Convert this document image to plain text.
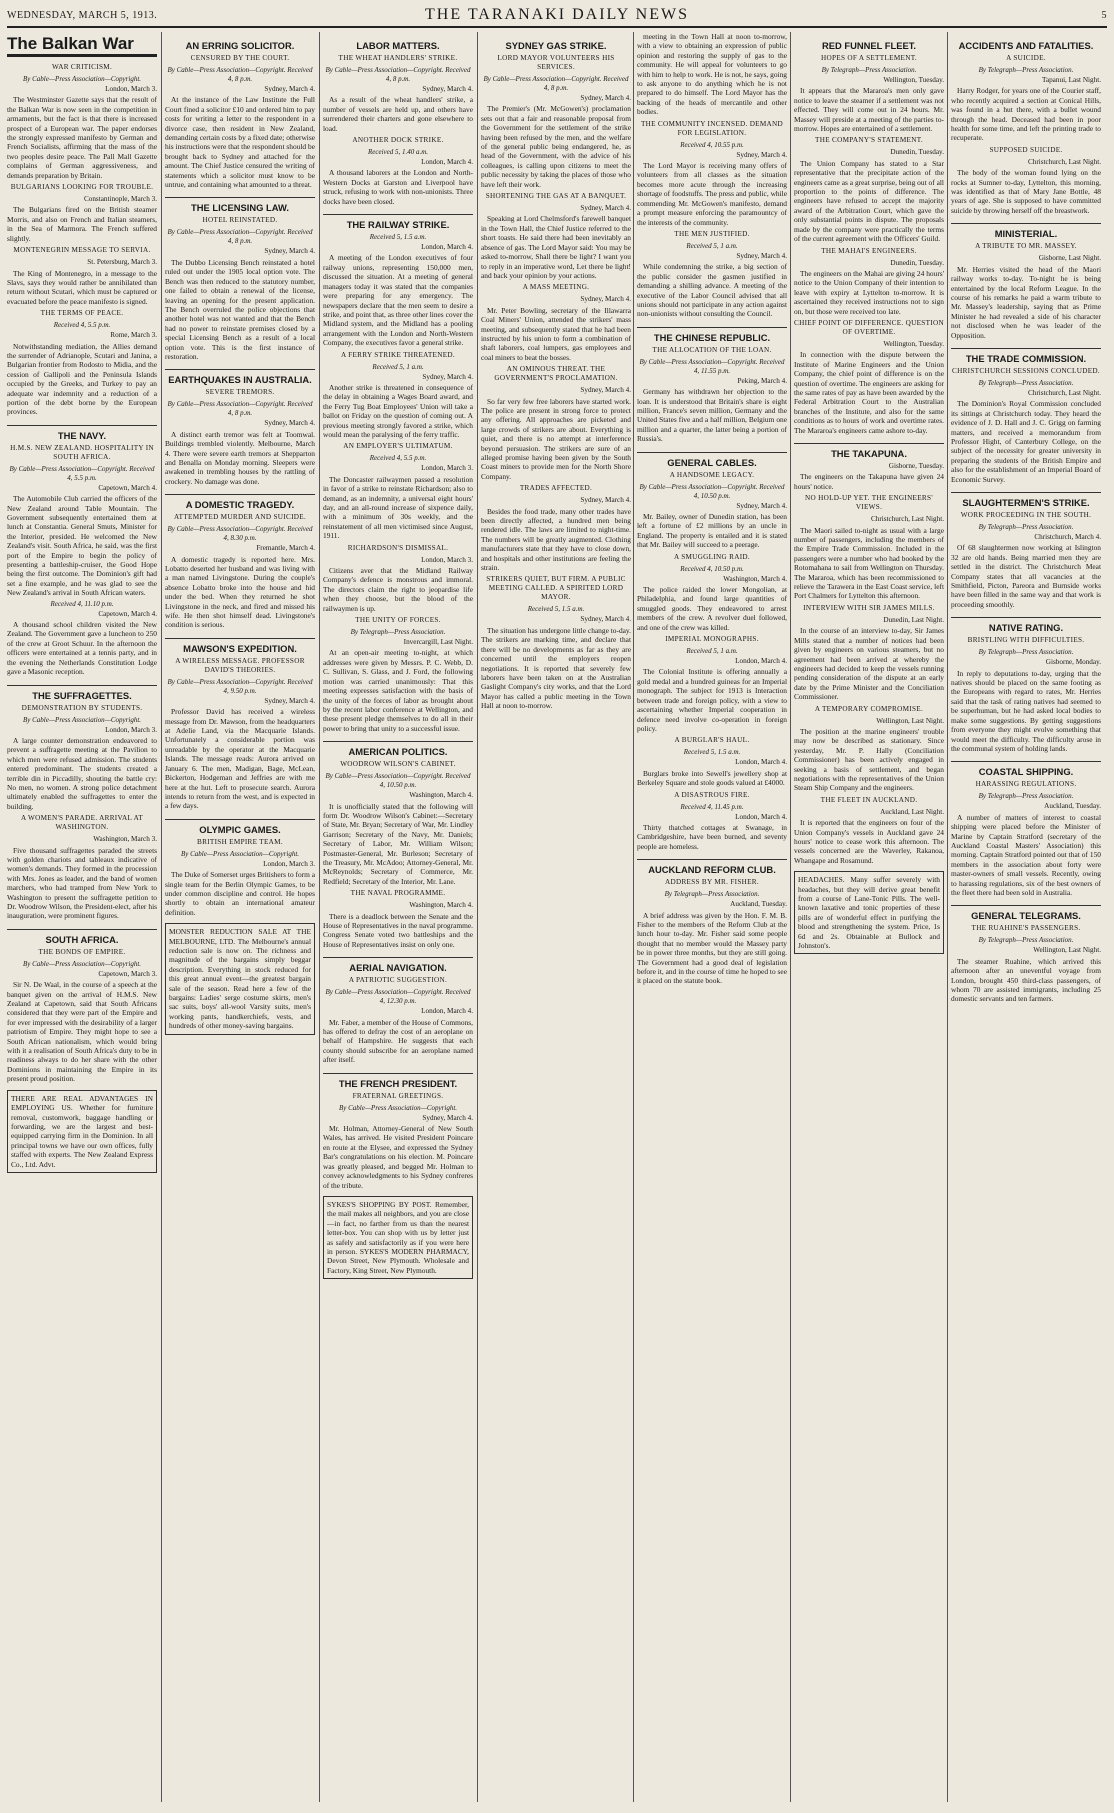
WEDNESDAY, MARCH 5, 1913.	THE TARANAKI DAILY NEWS	5
The Balkan War
WAR CRITICISM.
By Cable—Press Association—Copyright.
London, March 3.

The Westminster Gazette says that the result of the Balkan War is now seen in the competition in armaments, but the fact is that there is increased prospect of a European war. The paper endorses the strongly expressed manifesto by German and French Socialists, affirming that the mass of the two peoples desire peace. The Pall Mall Gazette complains of German aggressiveness, and demands preparation by Britain.

BULGARIANS LOOKING FOR TROUBLE.
Constantinople, March 3.

The Bulgarians fired on the British steamer Morris, and also on French and Italian steamers, in the Sea of Marmora. The French suffered slightly.

MONTENEGRIN MESSAGE TO SERVIA.
St. Petersburg, March 3.

The King of Montenegro, in a message to the Slavs, says they would rather be annihilated than return without Scutari, which must be captured or evacuated before the peace manifesto is signed.

THE TERMS OF PEACE.
Received 4, 5.5 p.m.
Rome, March 3.

Notwithstanding mediation, the Allies demand the surrender of Adrianople, Scutari and Janina, a Bulgarian frontier from Rodosto to Midia, and the cession of Gallipoli and the Peninsula Islands occupied by the Greeks, and Turkey to pay an adequate war indemnity and a reduction of a portion of the debt borne by the European provinces.

THE NAVY.
H.M.S. NEW ZEALAND. HOSPITALITY IN SOUTH AFRICA.
By Cable—Press Association—Copyright. Received 4, 5.5 p.m.
Capetown, March 4.

The Automobile Club carried the officers of the New Zealand around Table Mountain. The Government subsequently entertained them at lunch at Constantia. General Smuts, Minister for the Interior, presided. He welcomed the New Zealand's visit. South Africa, he said, was the first port of the Empire to begin the policy of presenting a battleship-cruiser, the Good Hope being the first outcome. The Dominion's gift had set a fine example, and he was glad to see the New Zealand's arrival in South African waters.

Received 4, 11.10 p.m.
Capetown, March 4.

A thousand school children visited the New Zealand. The Government gave a luncheon to 250 of the crew at Groot Schuur. In the afternoon the officers were entertained at a tennis party, and in the evening the Netherlands Constitution Lodge gave a Masonic reception.

THE SUFFRAGETTES.
DEMONSTRATION BY STUDENTS.
By Cable—Press Association—Copyright.
London, March 3.

A large counter demonstration endeavored to prevent a suffragette meeting at the Pavilion to which men were refused admission. The students entered predominant. The students created a terrible din in Piccadilly, shouting the battle cry: No men, no women. A strong police detachment ultimately enabled the suffragettes to enter the building.

A WOMEN'S PARADE. ARRIVAL AT WASHINGTON.
Washington, March 3.

Five thousand suffragettes paraded the streets with golden chariots and tableaux indicative of women's demands. They formed in the procession with Mrs. Jones as leader, and the band of women marchers, who had tramped from New York to Washington to present the suffragette petition to Dr. Woodrow Wilson, the President-elect, after his inauguration, were prominent figures.

SOUTH AFRICA.
THE BONDS OF EMPIRE.
By Cable—Press Association—Copyright.
Capetown, March 3.

Sir N. De Waal, in the course of a speech at the banquet given on the arrival of H.M.S. New Zealand at Capetown, said that South Africans considered that they were part of the Empire and for ever impressed with the desirability of a larger patriotism of Empire. They might hope to see a South African nationalism, which would bring with it a realisation of South Africa's duty to be in readiness always to do her share with the other Dominions in maintaining the Empire in its present proud position.

THERE ARE REAL ADVANTAGES IN EMPLOYING US. Whether for furniture removal, customwork, baggage handling or forwarding, we are the largest and best-equipped carrying firm in the Dominion. In all principal towns we have our own offices, fully staffed with experts. The New Zealand Express Co., Ltd. Advt.
AN ERRING SOLICITOR.
CENSURED BY THE COURT.
By Cable—Press Association—Copyright. Received 4, 8 p.m.
Sydney, March 4.

At the instance of the Law Institute the Full Court fined a solicitor £10 and ordered him to pay costs for writing a letter to the respondent in a divorce case, then resident in New Zealand, demanding certain costs by a fixed date; otherwise his instructions were that the respondent should be brought back to Sydney and attached for the amount. The Chief Justice censured the writing of statements which a solicitor must know to be untrue, and containing what amounted to a threat.

THE LICENSING LAW.
HOTEL REINSTATED.
By Cable—Press Association—Copyright. Received 4, 8 p.m.
Sydney, March 4.

The Dubbo Licensing Bench reinstated a hotel ruled out under the 1905 local option vote. The Bench was then reduced to the statutory number, one failed to obtain a renewal of the license, leaving an opening for the present application. The Bench overruled the police objections that another hotel was not wanted and that the Bench had no power to reinstate premises closed by a special Licensing Bench as a result of a local option vote. This is the first instance of restoration.

EARTHQUAKES IN AUSTRALIA.
SEVERE TREMORS.
By Cable—Press Association—Copyright. Received 4, 8 p.m.
Sydney, March 4.

A distinct earth tremor was felt at Toomwal. Buildings trembled violently. Melbourne, March 4. There were severe earth tremors at Shepparton and Benalla on Monday morning. Sleepers were awakened in trembling houses by the rattling of crockery. No damage was done.

A DOMESTIC TRAGEDY.
ATTEMPTED MURDER AND SUICIDE.
By Cable—Press Association—Copyright. Received 4, 8.30 p.m.
Fremantle, March 4.

A domestic tragedy is reported here. Mrs. Lobatto deserted her husband and was living with a man named Livingstone. During the couple's absence Lobatto broke into the house and hid under the bed. When they returned he shot Livingstone in the neck, and fired and missed his wife. He then shot himself dead. Livingstone's condition is serious.

MAWSON'S EXPEDITION.
A WIRELESS MESSAGE. PROFESSOR DAVID'S THEORIES.
By Cable—Press Association—Copyright. Received 4, 9.50 p.m.
Sydney, March 4.

Professor David has received a wireless message from Dr. Mawson, from the headquarters at Adelie Land, via the Macquarie Islands. Unfortunately a considerable portion was unreadable by the operator at the Macquarie Islands. The message reads: Aurora arrived on January 6. The men, Madigan, Bage, McLean, Bickerton, Hodgeman and Jeffries are with me here at the hut. Left to prosecute search. Aurora intends to return from the west, and is expected in a few days.

OLYMPIC GAMES.
BRITISH EMPIRE TEAM.
By Cable—Press Association—Copyright.
London, March 3.

The Duke of Somerset urges Britishers to form a single team for the Berlin Olympic Games, to be under common discipline and control. He hopes shortly to obtain an international amateur definition.

MONSTER REDUCTION SALE AT THE MELBOURNE, LTD. The Melbourne's annual reduction sale is now on. The richness and magnitude of the bargains simply beggar description. Everything in stock reduced for this great annual event—the greatest bargain sale of the season. Read here a few of the bargains: Ladies' serge costume skirts, men's sac suits, boys' all-wool Varsity suits, men's working pants, handkerchiefs, vests, and hundreds of other money-saving bargains.
LABOR MATTERS.
THE WHEAT HANDLERS' STRIKE.
By Cable—Press Association—Copyright. Received 4, 8 p.m.
Sydney, March 4.

As a result of the wheat handlers' strike, a number of vessels are held up, and others have surrendered their charters and gone elsewhere to load.

ANOTHER DOCK STRIKE.
Received 5, 1.40 a.m.
London, March 4.

A thousand laborers at the London and North-Western Docks at Garston and Liverpool have struck, refusing to work with non-unionists. Three docks have been closed.

THE RAILWAY STRIKE.
Received 5, 1.5 a.m.
London, March 4.

A meeting of the London executives of four railway unions, representing 150,000 men, discussed the situation. At a meeting of general managers today it was stated that the companies were preparing for any emergency. The newspapers declare that the men seem to desire a strike, and point that, as three other lines cover the Midland system, and the Midland has a pooling arrangement with the London and North-Western Company, the executives favor a general strike.

A FERRY STRIKE THREATENED.
Received 5, 1 a.m.
Sydney, March 4.

Another strike is threatened in consequence of the delay in obtaining a Wages Board award, and the Ferry Tug Boat Employees' Union will take a ballot on Friday on the question of coming out. A previous meeting strongly favored a strike, which would mean the paralysing of the ferry traffic.

AN EMPLOYER'S ULTIMATUM.
Received 4, 5.5 p.m.
London, March 3.

The Doncaster railwaymen passed a resolution in favor of a strike to reinstate Richardson; also to demand, as an indemnity, a universal eight hours' day, and an all-round increase of sixpence daily, with a minimum of 30s weekly, and the reinstatement of all men victimised since August, 1911.

RICHARDSON'S DISMISSAL.
London, March 3.

Citizens aver that the Midland Railway Company's defence is monstrous and immoral. The directors claim the right to jeopardise life when they choose, but the blood of the railwaymen is up.

THE UNITY OF FORCES.
By Telegraph—Press Association.
Invercargill, Last Night.

At an open-air meeting to-night, at which addresses were given by Messrs. P. C. Webb, D. C. Sullivan, S. Glass, and J. Ford, the following motion was carried unanimously: That this meeting expresses satisfaction with the basis of the unity of the forces of labor as brought about by the recent labor conference at Wellington, and these present pledge themselves to do all in their power to bring that unity to a successful issue.

AMERICAN POLITICS.
WOODROW WILSON'S CABINET.
By Cable—Press Association—Copyright. Received 4, 10.50 p.m.
Washington, March 4.

It is unofficially stated that the following will form Dr. Woodrow Wilson's Cabinet:—Secretary of State, Mr. Bryan; Secretary of War, Mr. Lindley Garrison; Secretary of the Navy, Mr. Daniels; Secretary of Labor, Mr. William Wilson; Postmaster-General, Mr. Burleson; Secretary of the Treasury, Mr. McAdoo; Attorney-General, Mr. McReynolds; Secretary of Commerce, Mr. Redfield; Secretary of the Interior, Mr. Lane.

THE NAVAL PROGRAMME.
Washington, March 4.

There is a deadlock between the Senate and the House of Representatives in the naval programme. Congress Senate voted two battleships and the House of Representatives insist on only one.

AERIAL NAVIGATION.
A PATRIOTIC SUGGESTION.
By Cable—Press Association—Copyright. Received 4, 12.30 p.m.
London, March 4.

Mr. Faber, a member of the House of Commons, has offered to defray the cost of an aeroplane on behalf of Hampshire. He suggests that each county should subscribe for an aeroplane named after itself.

THE FRENCH PRESIDENT.
FRATERNAL GREETINGS.
By Cable—Press Association—Copyright.
Sydney, March 4.

Mr. Holman, Attorney-General of New South Wales, has arrived. He visited President Poincare en route at the Elysee, and expressed the Sydney Bar's congratulations on his election. M. Poincare was greatly pleased, and begged Mr. Holman to convey acknowledgments to his Sydney confreres of the tribute.

SYKES'S SHOPPING BY POST. Remember, the mail makes all neighbors, and you are close—in fact, no farther from us than the nearest letter-box. You can shop with us by letter just as safely and satisfactorily as if you were here in person. SYKES'S MODERN PHARMACY, Devon Street, New Plymouth. Wholesale and Factory, King Street, New Plymouth.
SYDNEY GAS STRIKE.
LORD MAYOR VOLUNTEERS HIS SERVICES.
By Cable—Press Association—Copyright. Received 4, 8 p.m.
Sydney, March 4.

The Premier's (Mr. McGowen's) proclamation sets out that a fair and reasonable proposal from the Government for the settlement of the strike having been refused by the men, and the welfare of the general public being endangered, he, as head of the Government, with the advice of his colleagues, is calling upon citizens to meet the public necessity by taking the places of those who have left their work.

SHORTENING THE GAS AT A BANQUET.
Sydney, March 4.

Speaking at Lord Chelmsford's farewell banquet in the Town Hall, the Chief Justice referred to the short toasts. He said there had been inevitably an absence of gas. The Lord Mayor said: You may be asked to-morrow, Shall there be light? I want you to reply in an imperative word, Let there be light! and back your opinion by your actions.

A MASS MEETING.
Sydney, March 4.

Mr. Peter Bowling, secretary of the Illawarra Coal Miners' Union, attended the strikers' mass meeting, and subsequently stated that he had been instructed by his union to form a combination of shaft laborers, coal lumpers, gas employees and coal miners to beat the bosses.

AN OMINOUS THREAT. THE GOVERNMENT'S PROCLAMATION.
Sydney, March 4.

So far very few free laborers have started work. The police are present in strong force to protect any offering. All approaches are picketed and large crowds of strikers are about. Everything is quiet, and there is no attempt at interference beyond persuasion. The strikers are sure of an alleged promise having been given by the South Coast miners to provide men for the North Shore Company.

TRADES AFFECTED.
Sydney, March 4.

Besides the food trade, many other trades have been directly affected, a hundred men being rendered idle. The laws are limited to night-time. The numbers will be greatly augmented. Clothing manufacturers state that they have to close down, and hospitals and other institutions are feeling the strain.

STRIKERS QUIET, BUT FIRM. A PUBLIC MEETING CALLED. A SPIRITED LORD MAYOR.
Received 5, 1.5 a.m.
Sydney, March 4.

The situation has undergone little change to-day. The strikers are marking time, and declare that there will be no developments as far as they are concerned until the employers reopen negotiations. It is reported that severely few laborers have been taken on at the Australian Gaslight Company's city works, and that the Lord Mayor has called a public meeting in the Town Hall at noon to-morrow.

meeting in the Town Hall at noon to-morrow, with a view to obtaining an expression of public opinion and restoring the supply of gas to the community. He will appeal for volunteers to go with him to help to work. He is not, he says, going to ask anyone to do anything which he is not prepared to do himself. The Lord Mayor has the backing of the heads of mercantile and other bodies.

THE COMMUNITY INCENSED. DEMAND FOR LEGISLATION.
Received 4, 10.55 p.m.
Sydney, March 4.

The Lord Mayor is receiving many offers of volunteers from all classes as the situation becomes more acute through the increasing shortage of foodstuffs. The press and public, while commending Mr. McGowen's manifesto, demand a prompt measure enforcing the paramountcy of the interests of the community.

THE MEN JUSTIFIED.
Received 5, 1 a.m.
Sydney, March 4.

While condemning the strike, a big section of the public consider the gasmen justified in demanding a shilling advance. A meeting of the executive of the Labor Council advised that all unions should not participate in any action against non-unionists without consulting the Council.

THE CHINESE REPUBLIC.
THE ALLOCATION OF THE LOAN.
By Cable—Press Association—Copyright. Received 4, 11.55 p.m.
Peking, March 4.

Germany has withdrawn her objection to the loan. It is understood that Britain's share is eight million, France's seven million, Germany and the United States five and a half million, Belgium one million and a quarter, the latter being a portion of Russia's.

GENERAL CABLES.
A HANDSOME LEGACY.
By Cable—Press Association—Copyright. Received 4, 10.50 p.m.
Sydney, March 4.

Mr. Bailey, owner of Dunedin station, has been left a fortune of £2 millions by an uncle in England. The property is entailed and it is stated that Mr. Bailey will succeed to a peerage.

A SMUGGLING RAID.
Received 4, 10.50 p.m.
Washington, March 4.

The police raided the lower Mongolian, at Philadelphia, and found large quantities of smuggled goods. They endeavored to arrest members of the crew. A revolver duel followed, and one of the crew was killed.

IMPERIAL MONOGRAPHS.
Received 5, 1 a.m.
London, March 4.

The Colonial Institute is offering annually a gold medal and a hundred guineas for an Imperial monograph. The subject for 1913 is Interaction between trade and foreign policy, with a view to ascertaining whether Imperial cooperation in defence need involve co-operation in foreign policy.

A BURGLAR'S HAUL.
Received 5, 1.5 a.m.
London, March 4.

Burglars broke into Sewell's jewellery shop at Berkeley Square and stole goods valued at £4000.

A DISASTROUS FIRE.
Received 4, 11.45 p.m.
London, March 4.

Thirty thatched cottages at Swanage, in Cambridgeshire, have been burned, and seventy people are homeless.

AUCKLAND REFORM CLUB.
ADDRESS BY MR. FISHER.
By Telegraph—Press Association.
Auckland, Tuesday.

A brief address was given by the Hon. F. M. B. Fisher to the members of the Reform Club at the lunch hour to-day. Mr. Fisher said some people thought that no member would the Massey party be in power three months, but they are still going. The Government had a good deal of legislation before it, and in the course of time he hoped to see it placed on the statute book.

RED FUNNEL FLEET.
HOPES OF A SETTLEMENT.
By Telegraph—Press Association.
Wellington, Tuesday.

It appears that the Mararoa's men only gave notice to leave the steamer if a settlement was not effected. They will come out in 24 hours. Mr. Massey will preside at a meeting of the parties to-morrow. Hopes are entertained of a settlement.

THE COMPANY'S STATEMENT.
Dunedin, Tuesday.

The Union Company has stated to a Star representative that the precipitate action of the engineers came as a great surprise, being out of all proportion to the points of difference. The engineers have refused to accept the majority award of the Arbitration Court, which gave the only substantial points in dispute. The proposals made by the company were practically the terms of the current agreement with the Officers' Guild.

THE MAHAI'S ENGINEERS.
Dunedin, Tuesday.

The engineers on the Mahai are giving 24 hours' notice to the Union Company of their intention to leave with expiry at Lyttelton to-morrow. It is ascertained they received instructions not to sign on, but those were received too late.

CHIEF POINT OF DIFFERENCE. QUESTION OF OVERTIME.
Wellington, Tuesday.

In connection with the dispute between the Institute of Marine Engineers and the Union Company, the chief point of difference is on the question of overtime. The engineers are asking for the same rates of pay as have been awarded by the Federal Arbitration Court to the Australian branches of the Institute, and also for the same conditions as to hours of work and overtime rates. The Mararoa's engineers came ashore to-day.

THE TAKAPUNA.
Gisborne, Tuesday.

The engineers on the Takapuna have given 24 hours' notice.

NO HOLD-UP YET. THE ENGINEERS' VIEWS.
Christchurch, Last Night.

The Maori sailed to-night as usual with a large number of passengers, including the members of the Empire Trade Commission. Included in the passengers were a number who had booked by the Rotomahana to sail from Wellington on Thursday. The Mararoa, which has been recommissioned to relieve the Tarawera in the East Coast service, left Port Chalmers for Lyttelton this afternoon.

INTERVIEW WITH SIR JAMES MILLS.
Dunedin, Last Night.

In the course of an interview to-day, Sir James Mills stated that a number of notices had been given by engineers on various steamers, but no agreement had been arrived at whereby the engineers had decided to keep the vessels running pending consideration of the dispute at an early date by the Prime Minister and the Conciliation Commissioner.

A TEMPORARY COMPROMISE.
Wellington, Last Night.

The position at the marine engineers' trouble may now be described as stationary. Since yesterday, Mr. P. Hally (Conciliation Commissioner) has been actively engaged in seeking a basis of settlement, and began negotiations with the representatives of the Union Steam Ship Company and the engineers.

THE FLEET IN AUCKLAND.
Auckland, Last Night.

It is reported that the engineers on four of the Union Company's vessels in Auckland gave 24 hours' notice to cease work this afternoon. The vessels concerned are the Waverley, Rakanoa, Whangape and Rosamund.

HEADACHES. Many suffer severely with headaches, but they will derive great benefit from a course of Lane-Tonic Pills. The well-known laxative and tonic properties of these pills are of wonderful effect in purifying the blood and strengthening the system. Price, 1s 6d and 2s. Obtainable at Bullock and Johnston's.
ACCIDENTS AND FATALITIES.
A SUICIDE.
By Telegraph—Press Association.
Tapanui, Last Night.

Harry Rodger, for years one of the Courier staff, who recently acquired a section at Conical Hills, was found in a hut there, with a bullet wound through the head. Deceased had been in poor health for some time, and left the printing trade to recuperate.

SUPPOSED SUICIDE.
Christchurch, Last Night.

The body of the woman found lying on the rocks at Sumner to-day, Lyttelton, this morning, was identified as that of Mary Jane Bottle, 48 years of age. She is supposed to have committed suicide by throwing herself off the breastwork.

MINISTERIAL.
A TRIBUTE TO MR. MASSEY.
Gisborne, Last Night.

Mr. Herries visited the head of the Maori railway works to-day. To-night he is being entertained by the local Reform League. In the course of his remarks he paid a warm tribute to Mr. Massey's leadership, saying that as Prime Minister he had revealed a side of his character not disclosed when he was leader of the Opposition.

THE TRADE COMMISSION.
CHRISTCHURCH SESSIONS CONCLUDED.
By Telegraph—Press Association.
Christchurch, Last Night.

The Dominion's Royal Commission concluded its sittings at Christchurch today. They heard the evidence of J. D. Hall and J. C. Grigg on farming matters, and received a memorandum from Professor Hight, of Canterbury College, on the subject of the necessity for greater university in preparing the students of the British Empire and also for the establishment of an Imperial Board of Economic Survey.

SLAUGHTERMEN'S STRIKE.
WORK PROCEEDING IN THE SOUTH.
By Telegraph—Press Association.
Christchurch, March 4.

Of 68 slaughtermen now working at Islington 32 are old hands. Being married men they are settled in the district. The Christchurch Meat Company states that all vacancies at the Smithfield, Picton, Pareora and Burnside works have been filled in the same way and that work is proceeding smoothly.

NATIVE RATING.
BRISTLING WITH DIFFICULTIES.
By Telegraph—Press Association.
Gisborne, Monday.

In reply to deputations to-day, urging that the natives should be placed on the same footing as the Europeans with regard to rates, Mr. Herries said that the task of rating natives had seemed to be superhuman, but he had asked local bodies to make some suggestions. By getting suggestions from everyone they might evolve something that would meet the difficulty. The difficulty arose in the communal system of holding lands.

COASTAL SHIPPING.
HARASSING REGULATIONS.
By Telegraph—Press Association.
Auckland, Tuesday.

A number of matters of interest to coastal shipping were placed before the Minister of Marine by Captain Stratford (secretary of the Auckland Coastal Masters' Association) this morning. Captain Stratford pointed out that of 150 members in the association about forty were master-owners of small vessels. Recently, owing to harassing regulations, six of the best owners of the fleet there had been sold in Australia.

GENERAL TELEGRAMS.
THE RUAHINE'S PASSENGERS.
By Telegraph—Press Association.
Wellington, Last Night.

The steamer Ruahine, which arrived this afternoon after an uneventful voyage from London, brought 450 third-class passengers, of whom 70 are assisted immigrants, including 25 domestic servants and ten farmers.
